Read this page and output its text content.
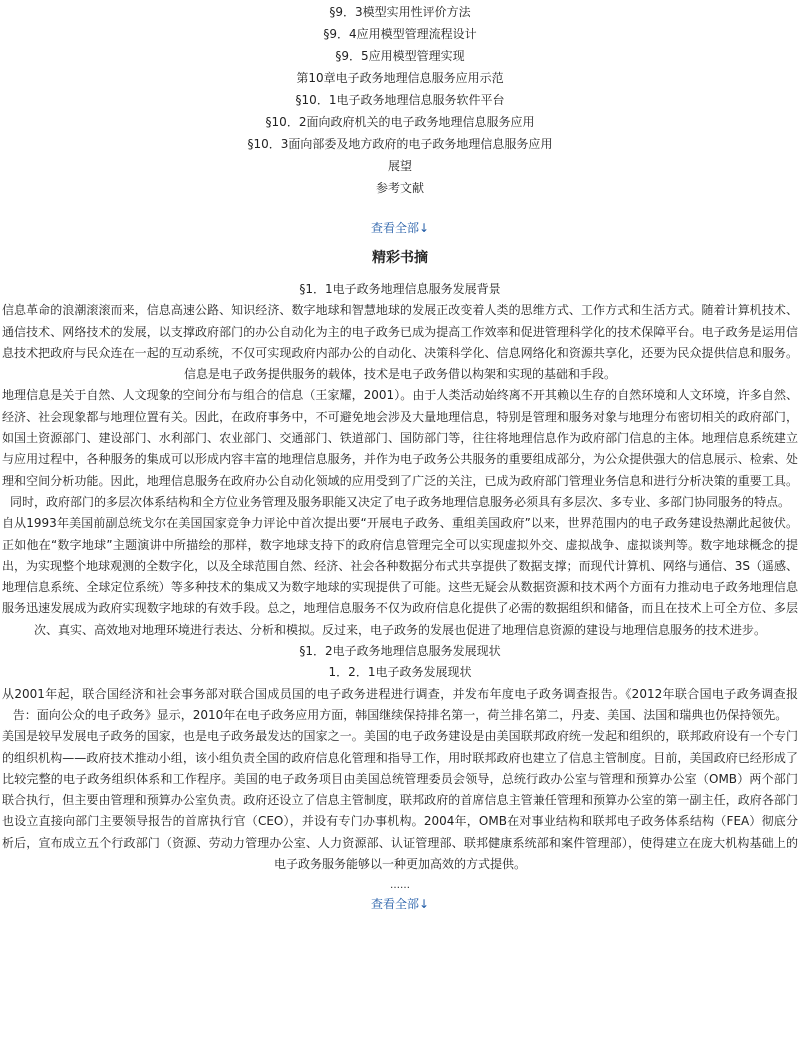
§9．3模型实用性评价方法
§9．4应用模型管理流程设计
§9．5应用模型管理实现
第10章电子政务地理信息服务应用示范
§10．1电子政务地理信息服务软件平台
§10．2面向政府机关的电子政务地理信息服务应用
§10．3面向部委及地方政府的电子政务地理信息服务应用
展望
参考文献
查看全部↓
精彩书摘

§1．1电子政务地理信息服务发展背景

信息革命的浪潮滚滚而来，信息高速公路、知识经济、数字地球和智慧地球的发展正改变着人类的思维方式、工作方式和生活方式。随着计算机技术、通信技术、网络技术的发展，以支撑政府部门的办公自动化为主的电子政务已成为提高工作效率和促进管理科学化的技术保障平台。电子政务是运用信息技术把政府与民众连在一起的互动系统，不仅可实现政府内部办公的自动化、决策科学化、信息网络化和资源共享化，还要为民众提供信息和服务。信息是电子政务提供服务的载体，技术是电子政务借以构架和实现的基础和手段。

地理信息是关于自然、人文现象的空间分布与组合的信息（王家耀，2001）。由于人类活动始终离不开其赖以生存的自然环境和人文环境，许多自然、经济、社会现象都与地理位置有关。因此，在政府事务中，不可避免地会涉及大量地理信息，特别是管理和服务对象与地理分布密切相关的政府部门，如国土资源部门、建设部门、水利部门、农业部门、交通部门、铁道部门、国防部门等，往往将地理信息作为政府部门信息的主体。地理信息系统建立与应用过程中，各种服务的集成可以形成内容丰富的地理信息服务，并作为电子政务公共服务的重要组成部分，为公众提供强大的信息展示、检索、处理和空间分析功能。因此，地理信息服务在政府办公自动化领域的应用受到了广泛的关注，已成为政府部门管理业务信息和进行分析决策的重要工具。同时，政府部门的多层次体系结构和全方位业务管理及服务职能又决定了电子政务地理信息服务必须具有多层次、多专业、多部门协同服务的特点。

自从1993年美国前副总统戈尔在美国国家竞争力评论中首次提出要“开展电子政务、重组美国政府”以来，世界范围内的电子政务建设热潮此起彼伏。正如他在“数字地球”主题演讲中所描绘的那样，数字地球支持下的政府信息管理完全可以实现虚拟外交、虚拟战争、虚拟谈判等。数字地球概念的提出，为实现整个地球观测的全数字化，以及全球范围自然、经济、社会各种数据分布式共享提供了数据支撑；而现代计算机、网络与通信、3S（遥感、地理信息系统、全球定位系统）等多种技术的集成又为数字地球的实现提供了可能。这些无疑会从数据资源和技术两个方面有力推动电子政务地理信息服务迅速发展成为政府实现数字地球的有效手段。总之，地理信息服务不仅为政府信息化提供了必需的数据组织和储备，而且在技术上可全方位、多层次、真实、高效地对地理环境进行表达、分析和模拟。反过来，电子政务的发展也促进了地理信息资源的建设与地理信息服务的技术进步。

§1．2电子政务地理信息服务发展现状

1．2．1电子政务发展现状

从2001年起，联合国经济和社会事务部对联合国成员国的电子政务进程进行调查，并发布年度电子政务调查报告。《2012年联合国电子政务调查报告：面向公众的电子政务》显示，2010年在电子政务应用方面，韩国继续保持排名第一，荷兰排名第二，丹麦、美国、法国和瑞典也仍保持领先。

美国是较早发展电子政务的国家，也是电子政务最发达的国家之一。美国的电子政务建设是由美国联邦政府统一发起和组织的，联邦政府设有一个专门的组织机构——政府技术推动小组，该小组负责全国的政府信息化管理和指导工作，用时联邦政府也建立了信息主管制度。目前，美国政府已经形成了比较完整的电子政务组织体系和工作程序。美国的电子政务项目由美国总统管理委员会领导，总统行政办公室与管理和预算办公室（OMB）两个部门联合执行，但主要由管理和预算办公室负责。政府还设立了信息主管制度，联邦政府的首席信息主管兼任管理和预算办公室的第一副主任，政府各部门也设立直接向部门主要领导报告的首席执行官（CEO），并设有专门办事机构。2004年，OMB在对事业结构和联邦电子政务体系结构（FEA）彻底分析后，宣布成立五个行政部门（资源、劳动力管理办公室、人力资源部、认证管理部、联邦健康系统部和案件管理部），使得建立在庞大机构基础上的电子政务服务能够以一种更加高效的方式提供。

……
查看全部↓
